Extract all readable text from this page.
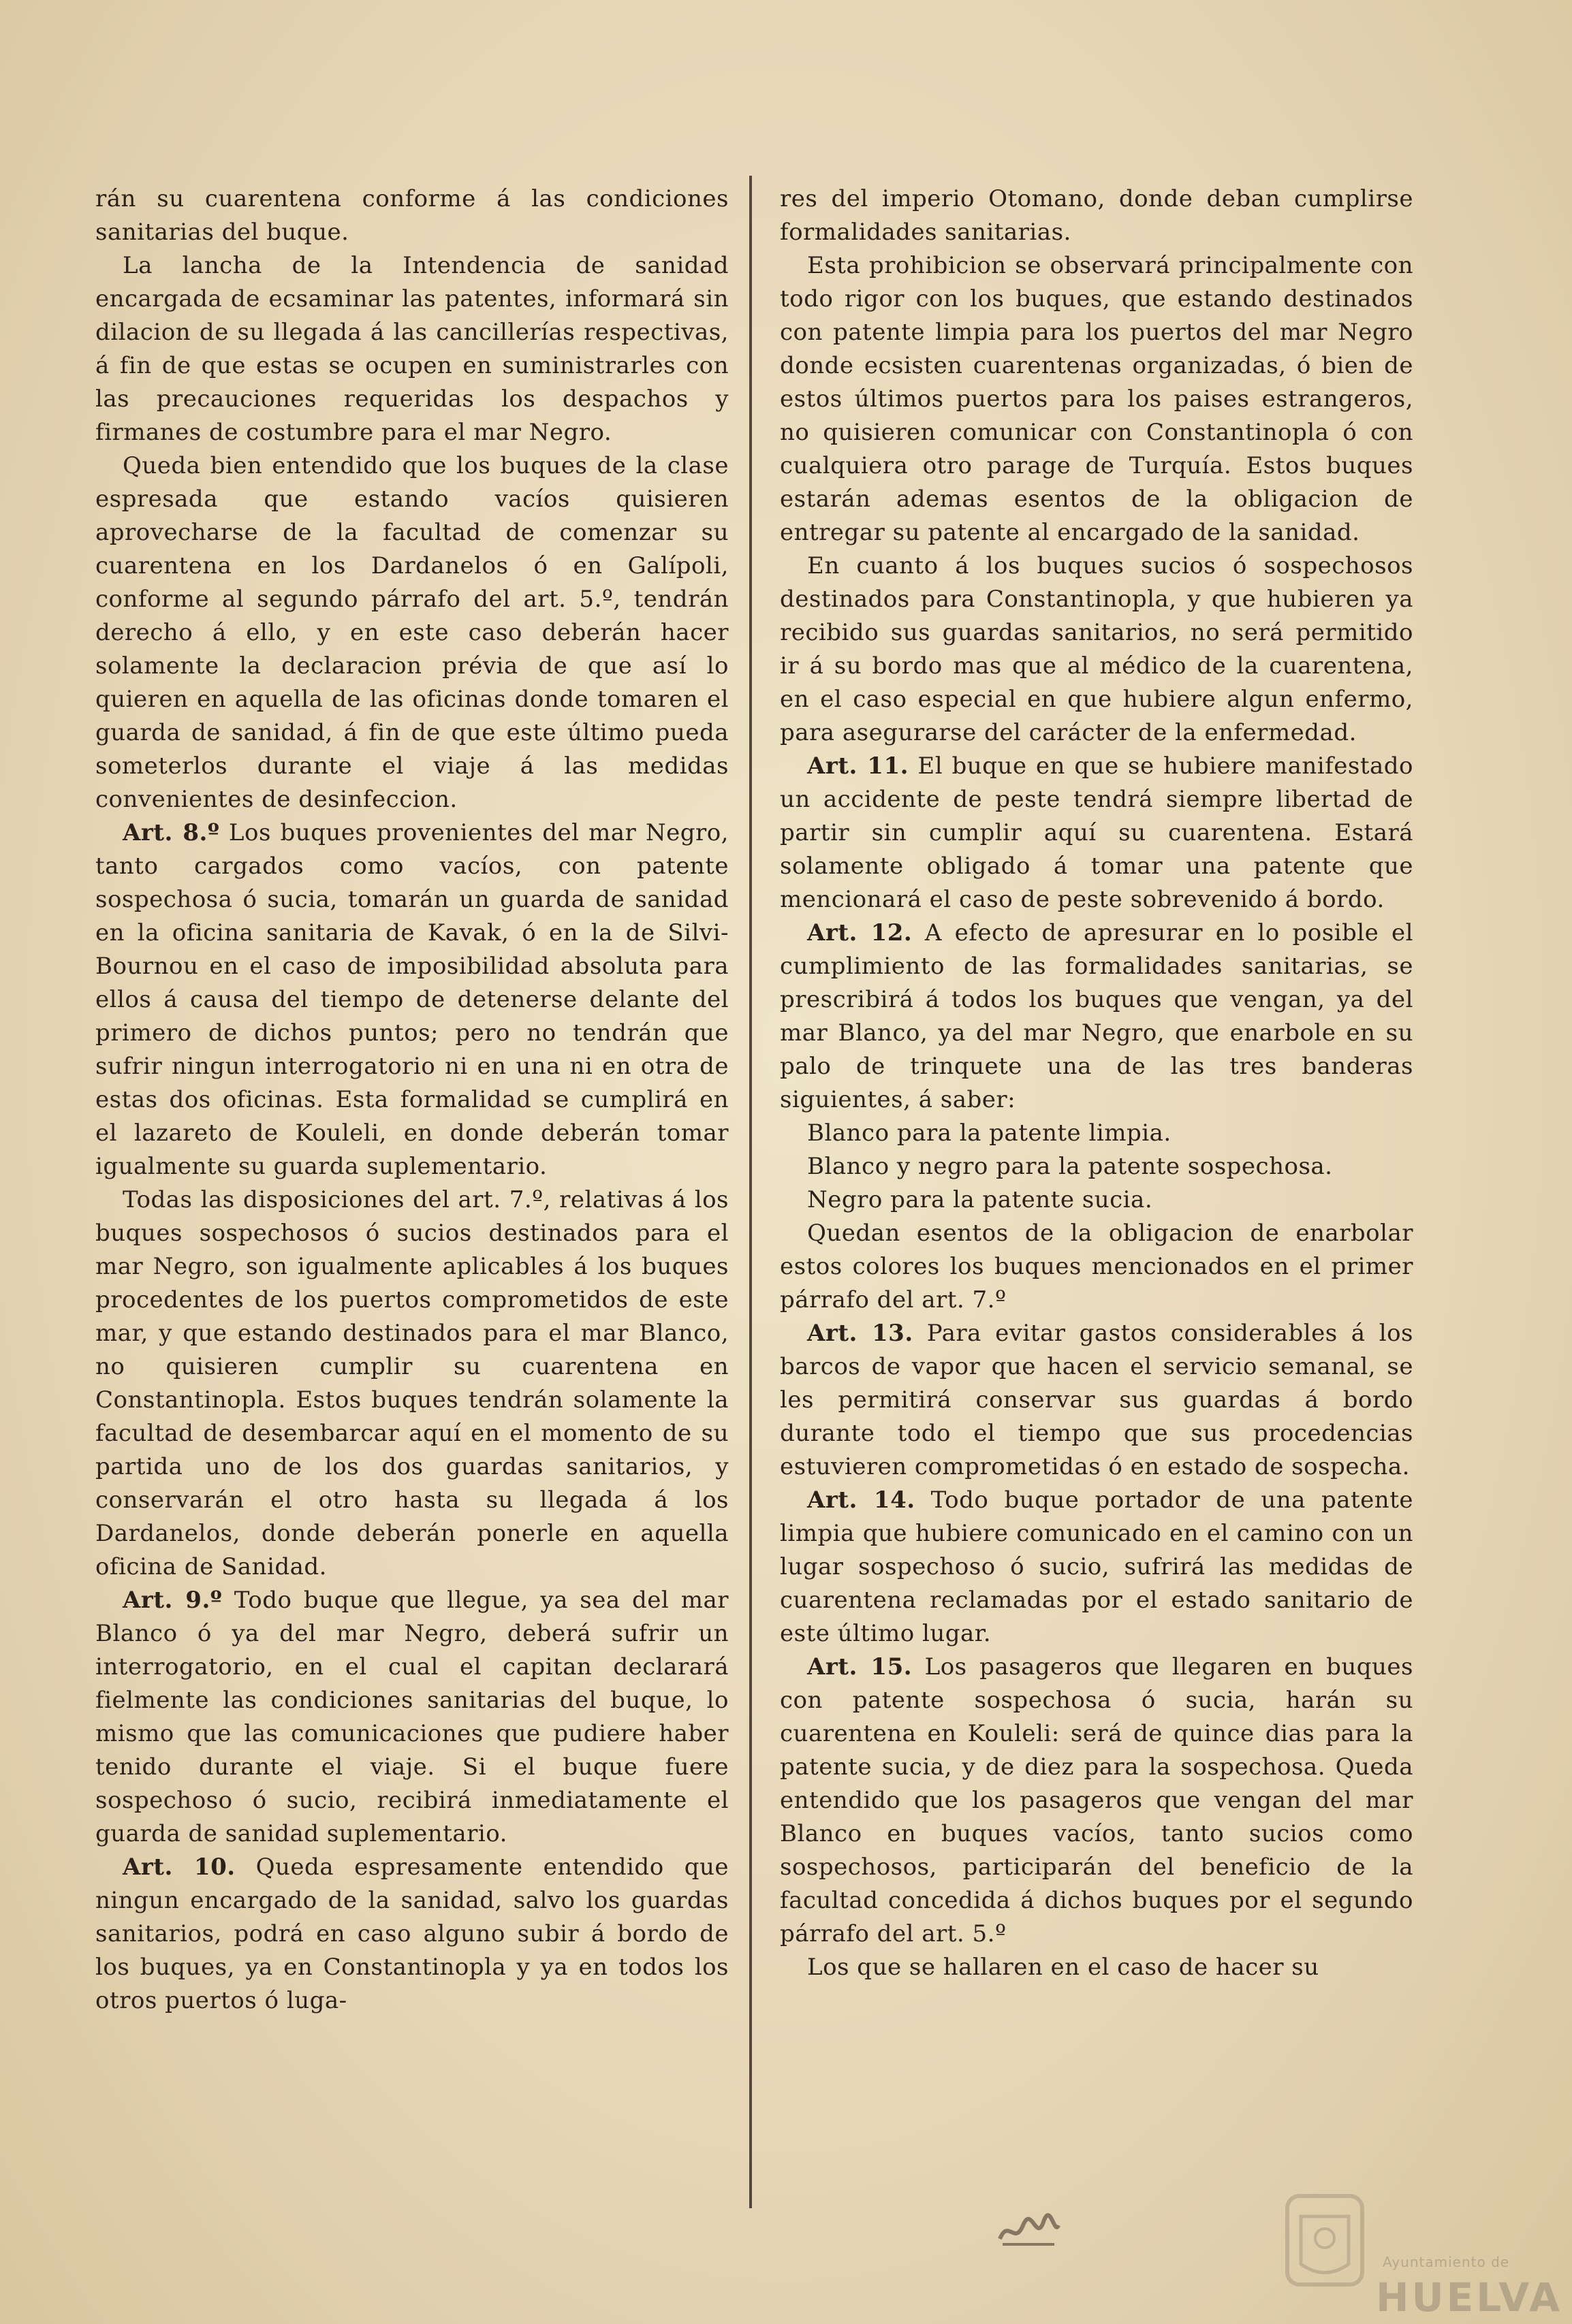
rán su cuarentena conforme á las condiciones sanitarias del buque.

La lancha de la Intendencia de sanidad encargada de ecsaminar las patentes, informará sin dilacion de su llegada á las cancillerías respectivas, á fin de que estas se ocupen en suministrarles con las precauciones requeridas los despachos y firmanes de costumbre para el mar Negro.

Queda bien entendido que los buques de la clase espresada que estando vacíos quisieren aprovecharse de la facultad de comenzar su cuarentena en los Dardanelos ó en Galípoli, conforme al segundo párrafo del art. 5.º, tendrán derecho á ello, y en este caso deberán hacer solamente la declaracion prévia de que así lo quieren en aquella de las oficinas donde tomaren el guarda de sanidad, á fin de que este último pueda someterlos durante el viaje á las medidas convenientes de desinfeccion.

Art. 8.º Los buques provenientes del mar Negro, tanto cargados como vacíos, con patente sospechosa ó sucia, tomarán un guarda de sanidad en la oficina sanitaria de Kavak, ó en la de Silvi-Bournou en el caso de imposibilidad absoluta para ellos á causa del tiempo de detenerse delante del primero de dichos puntos; pero no tendrán que sufrir ningun interrogatorio ni en una ni en otra de estas dos oficinas. Esta formalidad se cumplirá en el lazareto de Kouleli, en donde deberán tomar igualmente su guarda suplementario.

Todas las disposiciones del art. 7.º, relativas á los buques sospechosos ó sucios destinados para el mar Negro, son igualmente aplicables á los buques procedentes de los puertos comprometidos de este mar, y que estando destinados para el mar Blanco, no quisieren cumplir su cuarentena en Constantinopla. Estos buques tendrán solamente la facultad de desembarcar aquí en el momento de su partida uno de los dos guardas sanitarios, y conservarán el otro hasta su llegada á los Dardanelos, donde deberán ponerle en aquella oficina de Sanidad.

Art. 9.º Todo buque que llegue, ya sea del mar Blanco ó ya del mar Negro, deberá sufrir un interrogatorio, en el cual el capitan declarará fielmente las condiciones sanitarias del buque, lo mismo que las comunicaciones que pudiere haber tenido durante el viaje. Si el buque fuere sospechoso ó sucio, recibirá inmediatamente el guarda de sanidad suplementario.

Art. 10. Queda espresamente entendido que ningun encargado de la sanidad, salvo los guardas sanitarios, podrá en caso alguno subir á bordo de los buques, ya en Constantinopla y ya en todos los otros puertos ó luga-

res del imperio Otomano, donde deban cumplirse formalidades sanitarias.

Esta prohibicion se observará principalmente con todo rigor con los buques, que estando destinados con patente limpia para los puertos del mar Negro donde ecsisten cuarentenas organizadas, ó bien de estos últimos puertos para los paises estrangeros, no quisieren comunicar con Constantinopla ó con cualquiera otro parage de Turquía. Estos buques estarán ademas esentos de la obligacion de entregar su patente al encargado de la sanidad.

En cuanto á los buques sucios ó sospechosos destinados para Constantinopla, y que hubieren ya recibido sus guardas sanitarios, no será permitido ir á su bordo mas que al médico de la cuarentena, en el caso especial en que hubiere algun enfermo, para asegurarse del carácter de la enfermedad.

Art. 11. El buque en que se hubiere manifestado un accidente de peste tendrá siempre libertad de partir sin cumplir aquí su cuarentena. Estará solamente obligado á tomar una patente que mencionará el caso de peste sobrevenido á bordo.

Art. 12. A efecto de apresurar en lo posible el cumplimiento de las formalidades sanitarias, se prescribirá á todos los buques que vengan, ya del mar Blanco, ya del mar Negro, que enarbole en su palo de trinquete una de las tres banderas siguientes, á saber:

Blanco para la patente limpia.

Blanco y negro para la patente sospechosa.

Negro para la patente sucia.

Quedan esentos de la obligacion de enarbolar estos colores los buques mencionados en el primer párrafo del art. 7.º

Art. 13. Para evitar gastos considerables á los barcos de vapor que hacen el servicio semanal, se les permitirá conservar sus guardas á bordo durante todo el tiempo que sus procedencias estuvieren comprometidas ó en estado de sospecha.

Art. 14. Todo buque portador de una patente limpia que hubiere comunicado en el camino con un lugar sospechoso ó sucio, sufrirá las medidas de cuarentena reclamadas por el estado sanitario de este último lugar.

Art. 15. Los pasageros que llegaren en buques con patente sospechosa ó sucia, harán su cuarentena en Kouleli: será de quince dias para la patente sucia, y de diez para la sospechosa. Queda entendido que los pasageros que vengan del mar Blanco en buques vacíos, tanto sucios como sospechosos, participarán del beneficio de la facultad concedida á dichos buques por el segundo párrafo del art. 5.º

Los que se hallaren en el caso de hacer su

Ayuntamiento de
HUELVA
